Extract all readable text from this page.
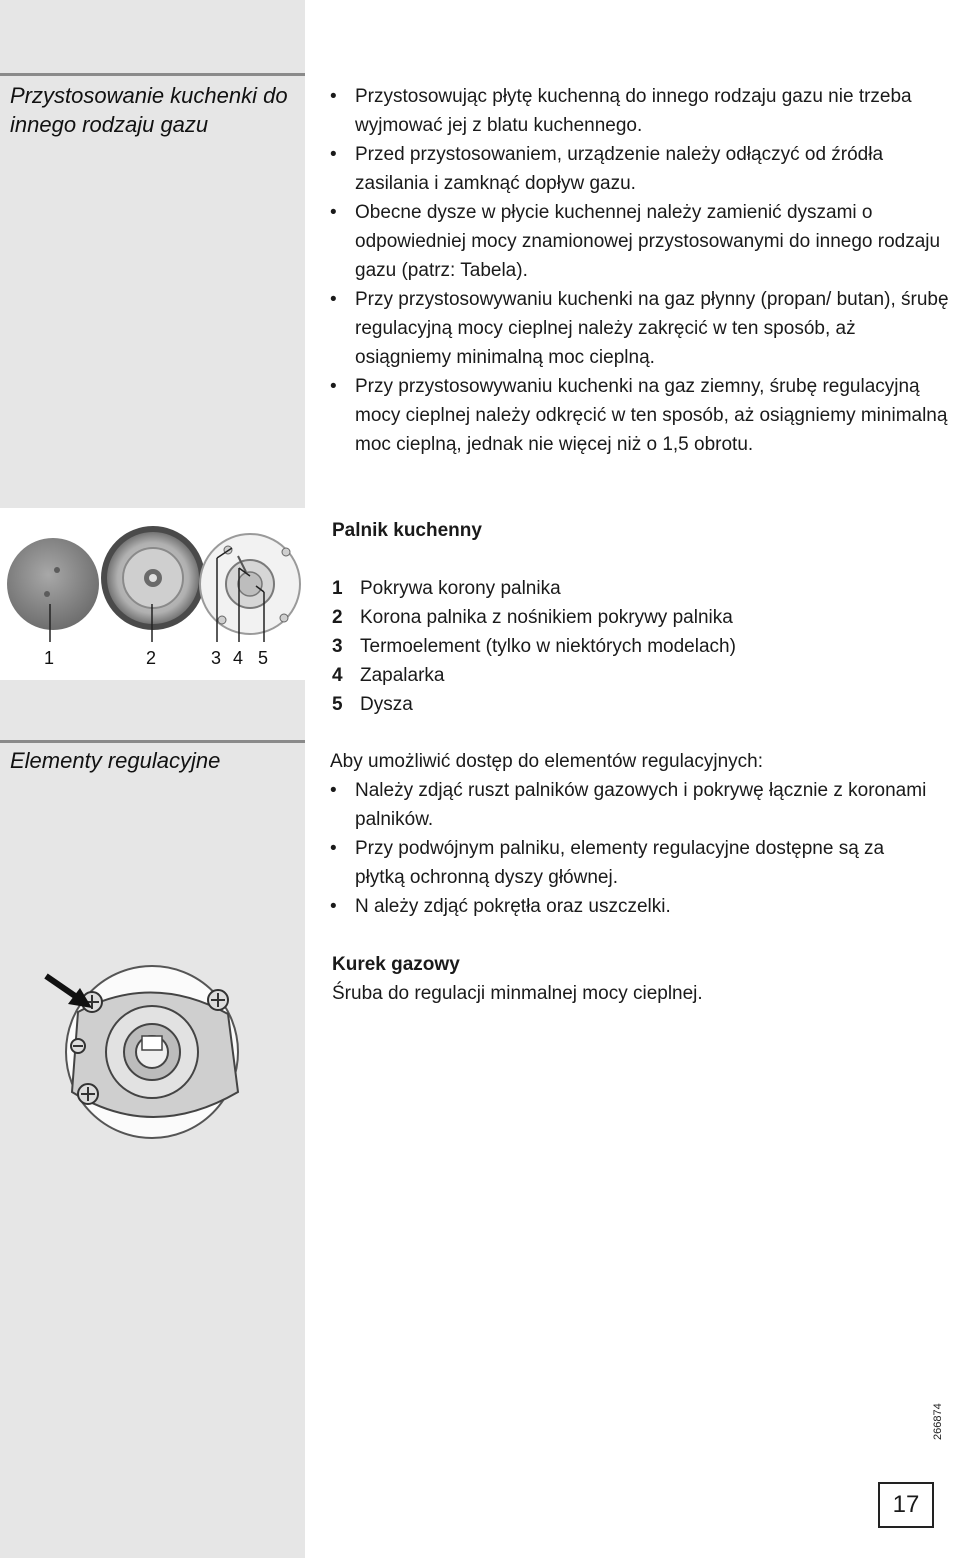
Przystosowanie kuchenki do innego rodzaju gazu
• Przystosowując płytę kuchenną do innego rodzaju gazu nie trzeba wyjmować jej z blatu kuchennego.
• Przed przystosowaniem, urządzenie należy odłączyć od źródła zasilania i zamknąć dopływ gazu.
• Obecne dysze w płycie kuchennej należy zamienić dyszami o odpowiedniej mocy znamionowej przystosowanymi do innego rodzaju gazu (patrz: Tabela).
• Przy przystosowywaniu kuchenki na gaz płynny (propan/ butan), śrubę regulacyjną mocy cieplnej należy zakręcić w ten sposób, aż osiągniemy minimalną moc cieplną.
• Przy przystosowywaniu kuchenki na gaz ziemny, śrubę regulacyjną mocy cieplnej należy odkręcić w ten sposób, aż osiągniemy minimalną moc cieplną, jednak nie więcej niż o 1,5 obrotu.
1	2	3 4 5
Palnik kuchenny
1 Pokrywa korony palnika
2 Korona palnika z nośnikiem pokrywy palnika
3 Termoelement (tylko w niektórych modelach)
4 Zapalarka
5 Dysza
Elementy regulacyjne	Aby umożliwić dostęp do elementów regulacyjnych:
• Należy zdjąć ruszt palników gazowych i pokrywę łącznie z koronami palników.
• Przy podwójnym palniku, elementy regulacyjne dostępne są za płytką ochronną dyszy głównej.
• N ależy zdjąć pokrętła oraz uszczelki.
Kurek gazowy
Śruba do regulacji minmalnej mocy cieplnej.
266874
17
